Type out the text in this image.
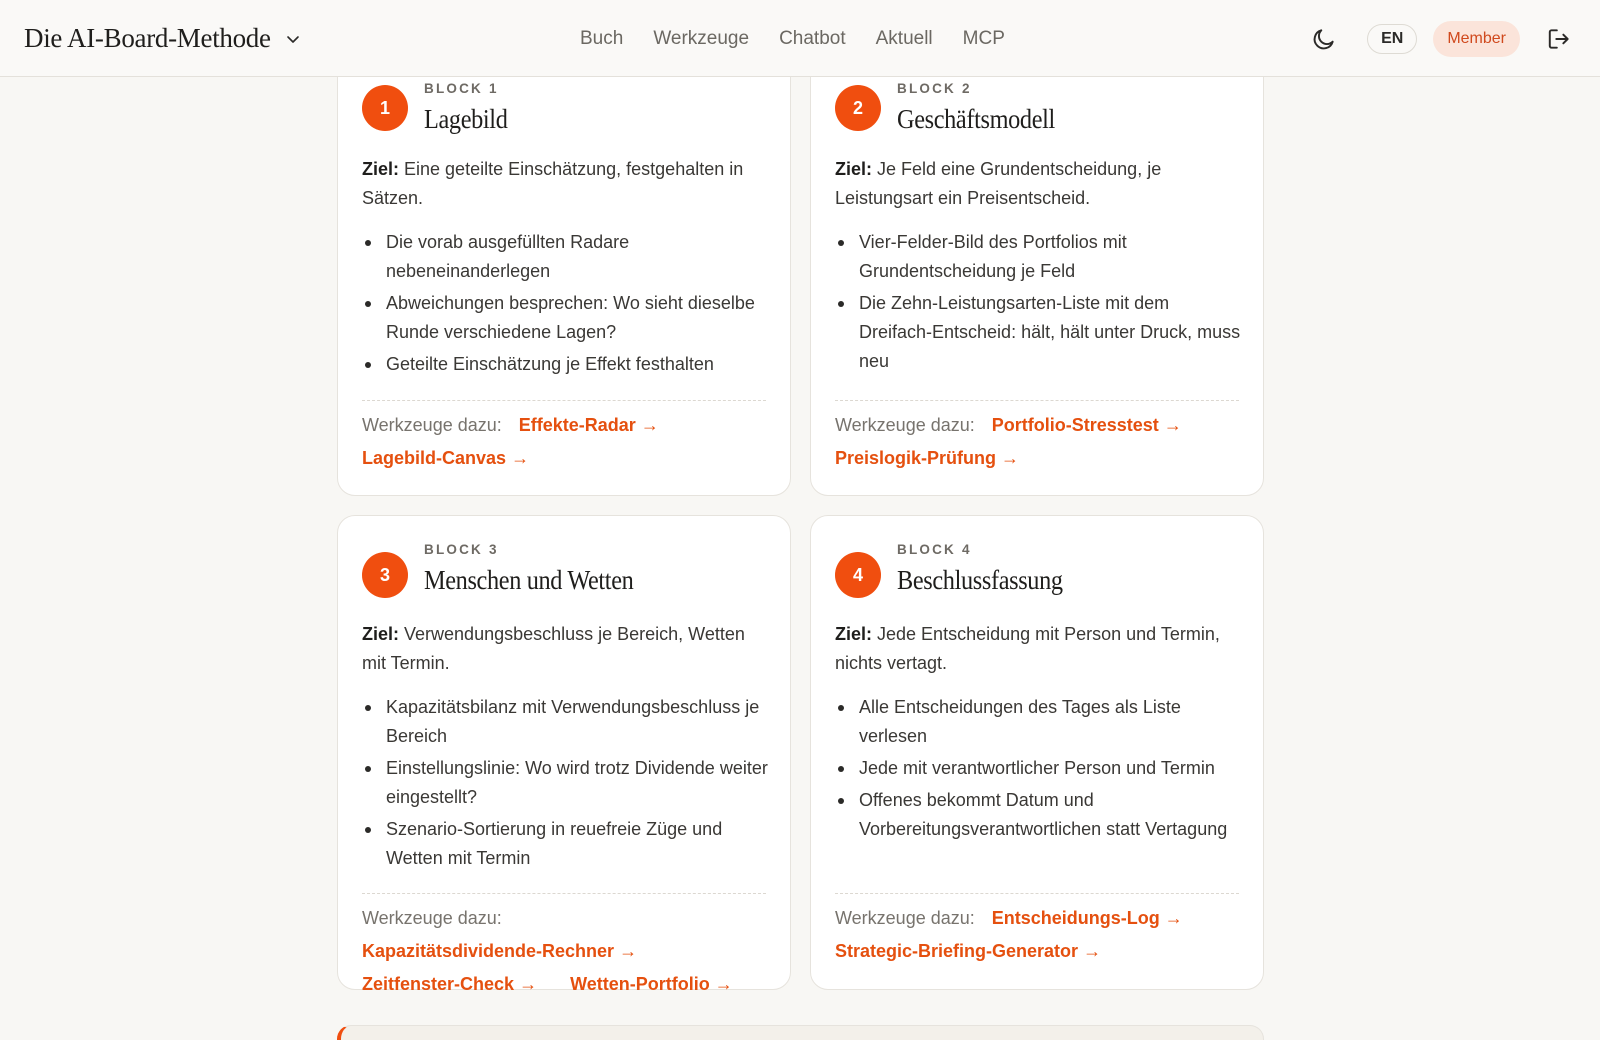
Die AI-Board-Methode	Buch Werkzeuge Chatbot Aktuell MCP	EN	Member
1
BLOCK 1
Lagebild

Ziel: Eine geteilte Einschätzung, festgehalten in Sätzen.

Die vorab ausgefüllten Radare nebeneinanderlegen
Abweichungen besprechen: Wo sieht dieselbe Runde verschiedene Lagen?
Geteilte Einschätzung je Effekt festhalten
Werkzeuge dazu: Effekte-Radar →
Lagebild-Canvas →
2
BLOCK 2
Geschäftsmodell

Ziel: Je Feld eine Grundentscheidung, je Leistungsart ein Preisentscheid.

Vier-Felder-Bild des Portfolios mit Grundentscheidung je Feld
Die Zehn-Leistungsarten-Liste mit dem Dreifach-Entscheid: hält, hält unter Druck, muss neu
Werkzeuge dazu: Portfolio-Stresstest →
Preislogik-Prüfung →
3
BLOCK 3
Menschen und Wetten

Ziel: Verwendungsbeschluss je Bereich, Wetten mit Termin.

Kapazitätsbilanz mit Verwendungsbeschluss je Bereich
Einstellungslinie: Wo wird trotz Dividende weiter eingestellt?
Szenario-Sortierung in reuefreie Züge und Wetten mit Termin
Werkzeuge dazu: Kapazitätsdividende-Rechner →
Zeitfenster-Check → Wetten-Portfolio →
4
BLOCK 4
Beschlussfassung

Ziel: Jede Entscheidung mit Person und Termin, nichts vertagt.

Alle Entscheidungen des Tages als Liste verlesen
Jede mit verantwortlicher Person und Termin
Offenes bekommt Datum und Vorbereitungsverantwortlichen statt Vertagung
Werkzeuge dazu: Entscheidungs-Log →
Strategic-Briefing-Generator →
